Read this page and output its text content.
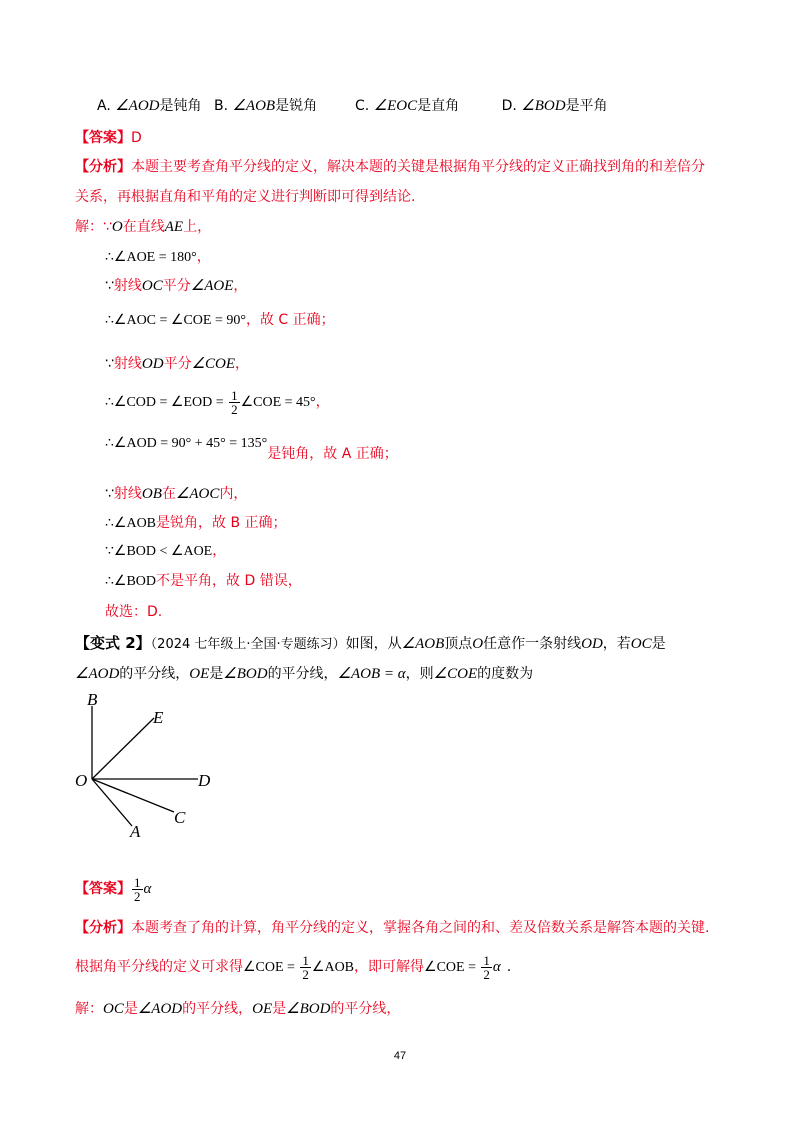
A. ∠AOD是钝角 B. ∠AOB是锐角	C. ∠EOC是直角	D. ∠BOD是平角
【答案】D
【分析】本题主要考查角平分线的定义，解决本题的关键是根据角平分线的定义正确找到角的和差倍分
关系，再根据直角和平角的定义进行判断即可得到结论.
解：∵O在直线AE上，
∴∠AOE = 180°，
∵射线OC平分∠AOE，
∴∠AOC = ∠COE = 90°，故 C 正确；
∵射线OD平分∠COE，
∴∠COD = ∠EOD = $\frac{1}{2}$ ∠COE = 45°，
∴∠AOD = 90° + 45° = 135°是钝角，故 A 正确；
∵射线OB在∠AOC内，
∴∠AOB是锐角，故 B 正确；
∵∠BOD < ∠AOE，
∴∠BOD不是平角，故 D 错误，
故选：D.
【变式 2】（2024 七年级上·全国·专题练习）如图，从∠AOB顶点O任意作一条射线OD，若OC是
∠AOD的平分线，OE是∠BOD的平分线，∠AOB = α，则∠COE的度数为
B
E
O	D
C
A
【答案】 $\frac{1}{2}$ α
【分析】本题考查了角的计算，角平分线的定义，掌握各角之间的和、差及倍数关系是解答本题的关键.
根据角平分线的定义可求得∠COE = $\frac{1}{2}$ ∠AOB，即可解得∠COE = $\frac{1}{2}$ α .
解：OC是∠AOD的平分线，OE是∠BOD的平分线，
47
